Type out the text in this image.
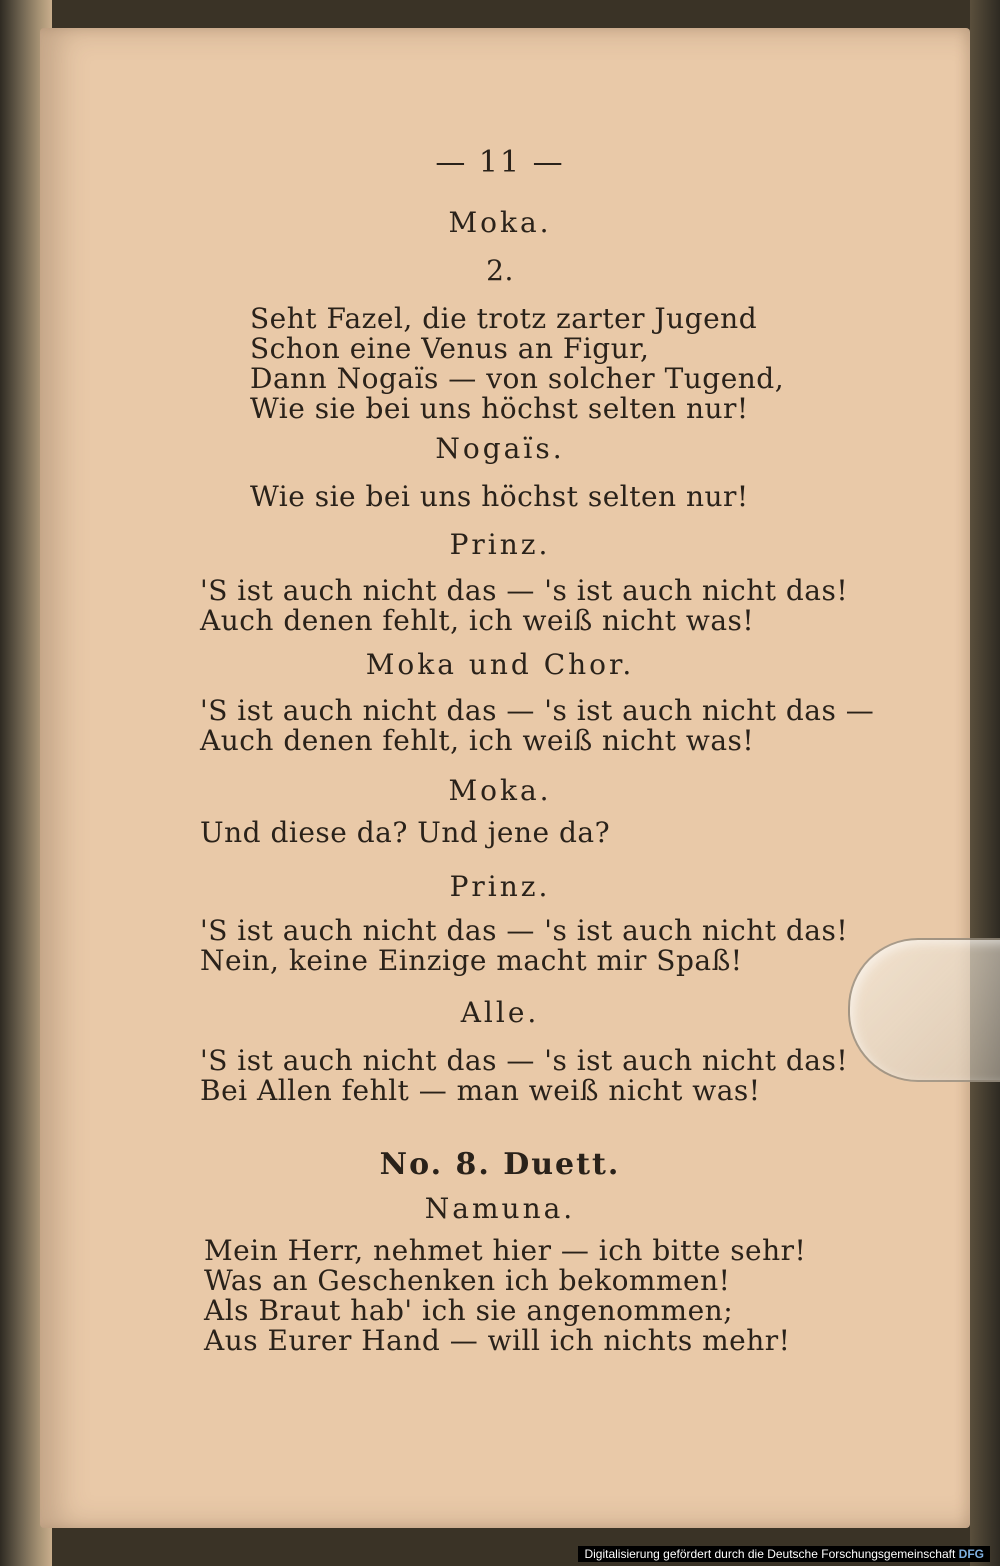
— 11 —
Moka.
2.
Seht Fazel, die trotz zarter Jugend
Schon eine Venus an Figur,
Dann Nogaïs — von solcher Tugend,
Wie sie bei uns höchst selten nur!
Nogaïs.
Wie sie bei uns höchst selten nur!
Prinz.
'S ist auch nicht das — 's ist auch nicht das!
Auch denen fehlt, ich weiß nicht was!
Moka und Chor.
'S ist auch nicht das — 's ist auch nicht das —
Auch denen fehlt, ich weiß nicht was!
Moka.
Und diese da? Und jene da?
Prinz.
'S ist auch nicht das — 's ist auch nicht das!
Nein, keine Einzige macht mir Spaß!
Alle.
'S ist auch nicht das — 's ist auch nicht das!
Bei Allen fehlt — man weiß nicht was!
No. 8. Duett.
Namuna.
Mein Herr, nehmet hier — ich bitte sehr!
Was an Geschenken ich bekommen!
Als Braut hab' ich sie angenommen;
Aus Eurer Hand — will ich nichts mehr!
Digitalisierung gefördert durch die Deutsche Forschungsgemeinschaft DFG
